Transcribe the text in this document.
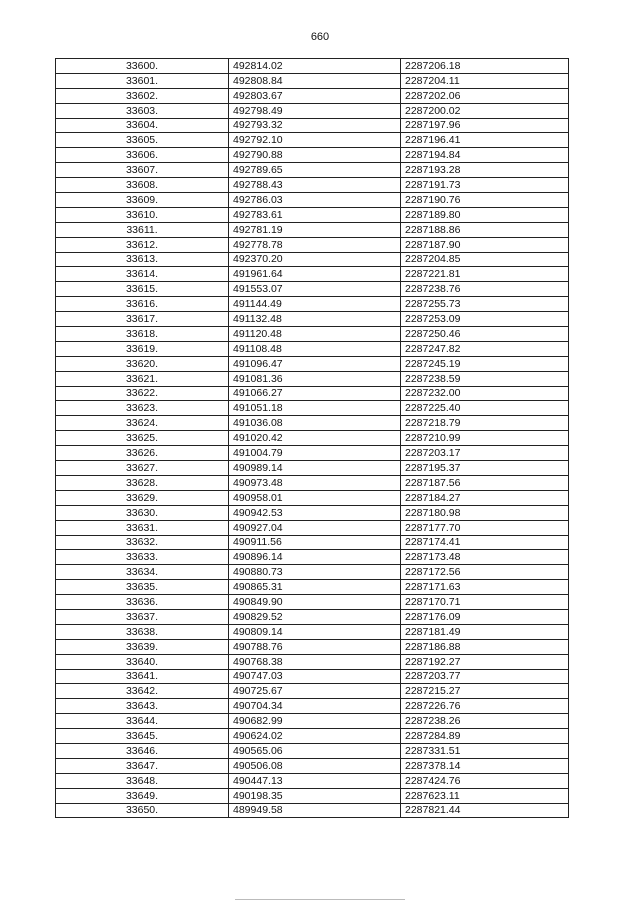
660
33600.	492814.02	2287206.18
33601.	492808.84	2287204.11
33602.	492803.67	2287202.06
33603.	492798.49	2287200.02
33604.	492793.32	2287197.96
33605.	492792.10	2287196.41
33606.	492790.88	2287194.84
33607.	492789.65	2287193.28
33608.	492788.43	2287191.73
33609.	492786.03	2287190.76
33610.	492783.61	2287189.80
33611.	492781.19	2287188.86
33612.	492778.78	2287187.90
33613.	492370.20	2287204.85
33614.	491961.64	2287221.81
33615.	491553.07	2287238.76
33616.	491144.49	2287255.73
33617.	491132.48	2287253.09
33618.	491120.48	2287250.46
33619.	491108.48	2287247.82
33620.	491096.47	2287245.19
33621.	491081.36	2287238.59
33622.	491066.27	2287232.00
33623.	491051.18	2287225.40
33624.	491036.08	2287218.79
33625.	491020.42	2287210.99
33626.	491004.79	2287203.17
33627.	490989.14	2287195.37
33628.	490973.48	2287187.56
33629.	490958.01	2287184.27
33630.	490942.53	2287180.98
33631.	490927.04	2287177.70
33632.	490911.56	2287174.41
33633.	490896.14	2287173.48
33634.	490880.73	2287172.56
33635.	490865.31	2287171.63
33636.	490849.90	2287170.71
33637.	490829.52	2287176.09
33638.	490809.14	2287181.49
33639.	490788.76	2287186.88
33640.	490768.38	2287192.27
33641.	490747.03	2287203.77
33642.	490725.67	2287215.27
33643.	490704.34	2287226.76
33644.	490682.99	2287238.26
33645.	490624.02	2287284.89
33646.	490565.06	2287331.51
33647.	490506.08	2287378.14
33648.	490447.13	2287424.76
33649.	490198.35	2287623.11
33650.	489949.58	2287821.44
